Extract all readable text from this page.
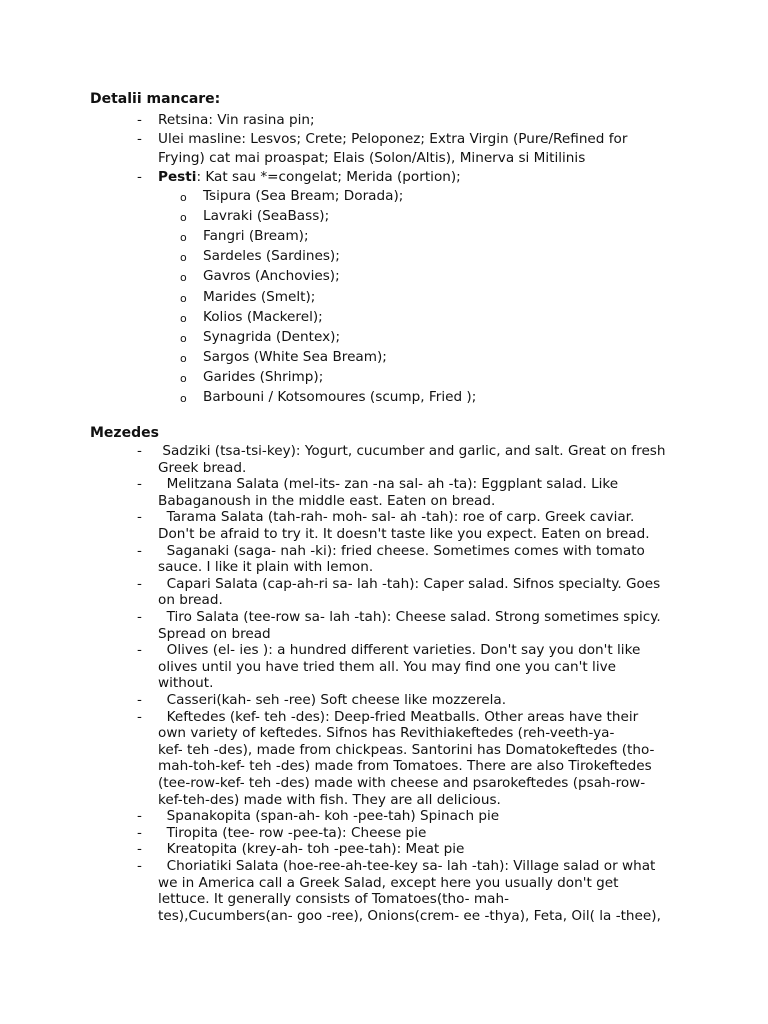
Detalii mancare:
-	Retsina: Vin rasina pin;
-	Ulei masline: Lesvos; Crete; Peloponez; Extra Virgin (Pure/Refined for
Frying) cat mai proaspat; Elais (Solon/Altis), Minerva si Mitilinis
-	Pesti: Kat sau *=congelat; Merida (portion);
o Tsipura (Sea Bream; Dorada);
o Lavraki (SeaBass);
o Fangri (Bream);
o Sardeles (Sardines);
o Gavros (Anchovies);
o Marides (Smelt);
o Kolios (Mackerel);
o Synagrida (Dentex);
o Sargos (White Sea Bream);
o Garides (Shrimp);
o Barbouni / Kotsomoures (scump, Fried );
Mezedes
-	Sadziki (tsa-tsi-key): Yogurt, cucumber and garlic, and salt. Great on fresh
Greek bread.
-	Melitzana Salata (mel-its- zan -na sal- ah -ta): Eggplant salad. Like
Babaganoush in the middle east. Eaten on bread.
-	Tarama Salata (tah-rah- moh- sal- ah -tah): roe of carp. Greek caviar.
Don't be afraid to try it. It doesn't taste like you expect. Eaten on bread.
-	Saganaki (saga- nah -ki): fried cheese. Sometimes comes with tomato
sauce. I like it plain with lemon.
-	Capari Salata (cap-ah-ri sa- lah -tah): Caper salad. Sifnos specialty. Goes
on bread.
-	Tiro Salata (tee-row sa- lah -tah): Cheese salad. Strong sometimes spicy.
Spread on bread
-	Olives (el- ies ): a hundred different varieties. Don't say you don't like
olives until you have tried them all. You may find one you can't live
without.
-	Casseri(kah- seh -ree) Soft cheese like mozzerela.
-	Keftedes (kef- teh -des): Deep-fried Meatballs. Other areas have their
own variety of keftedes. Sifnos has Revithiakeftedes (reh-veeth-ya-
kef- teh -des), made from chickpeas. Santorini has Domatokeftedes (tho-
mah-toh-kef- teh -des) made from Tomatoes. There are also Tirokeftedes
(tee-row-kef- teh -des) made with cheese and psarokeftedes (psah-row-
kef-teh-des) made with fish. They are all delicious.
-	Spanakopita (span-ah- koh -pee-tah) Spinach pie
-	Tiropita (tee- row -pee-ta): Cheese pie
-	Kreatopita (krey-ah- toh -pee-tah): Meat pie
-	Choriatiki Salata (hoe-ree-ah-tee-key sa- lah -tah): Village salad or what
we in America call a Greek Salad, except here you usually don't get
lettuce. It generally consists of Tomatoes(tho- mah-
tes),Cucumbers(an- goo -ree), Onions(crem- ee -thya), Feta, Oil( la -thee),
